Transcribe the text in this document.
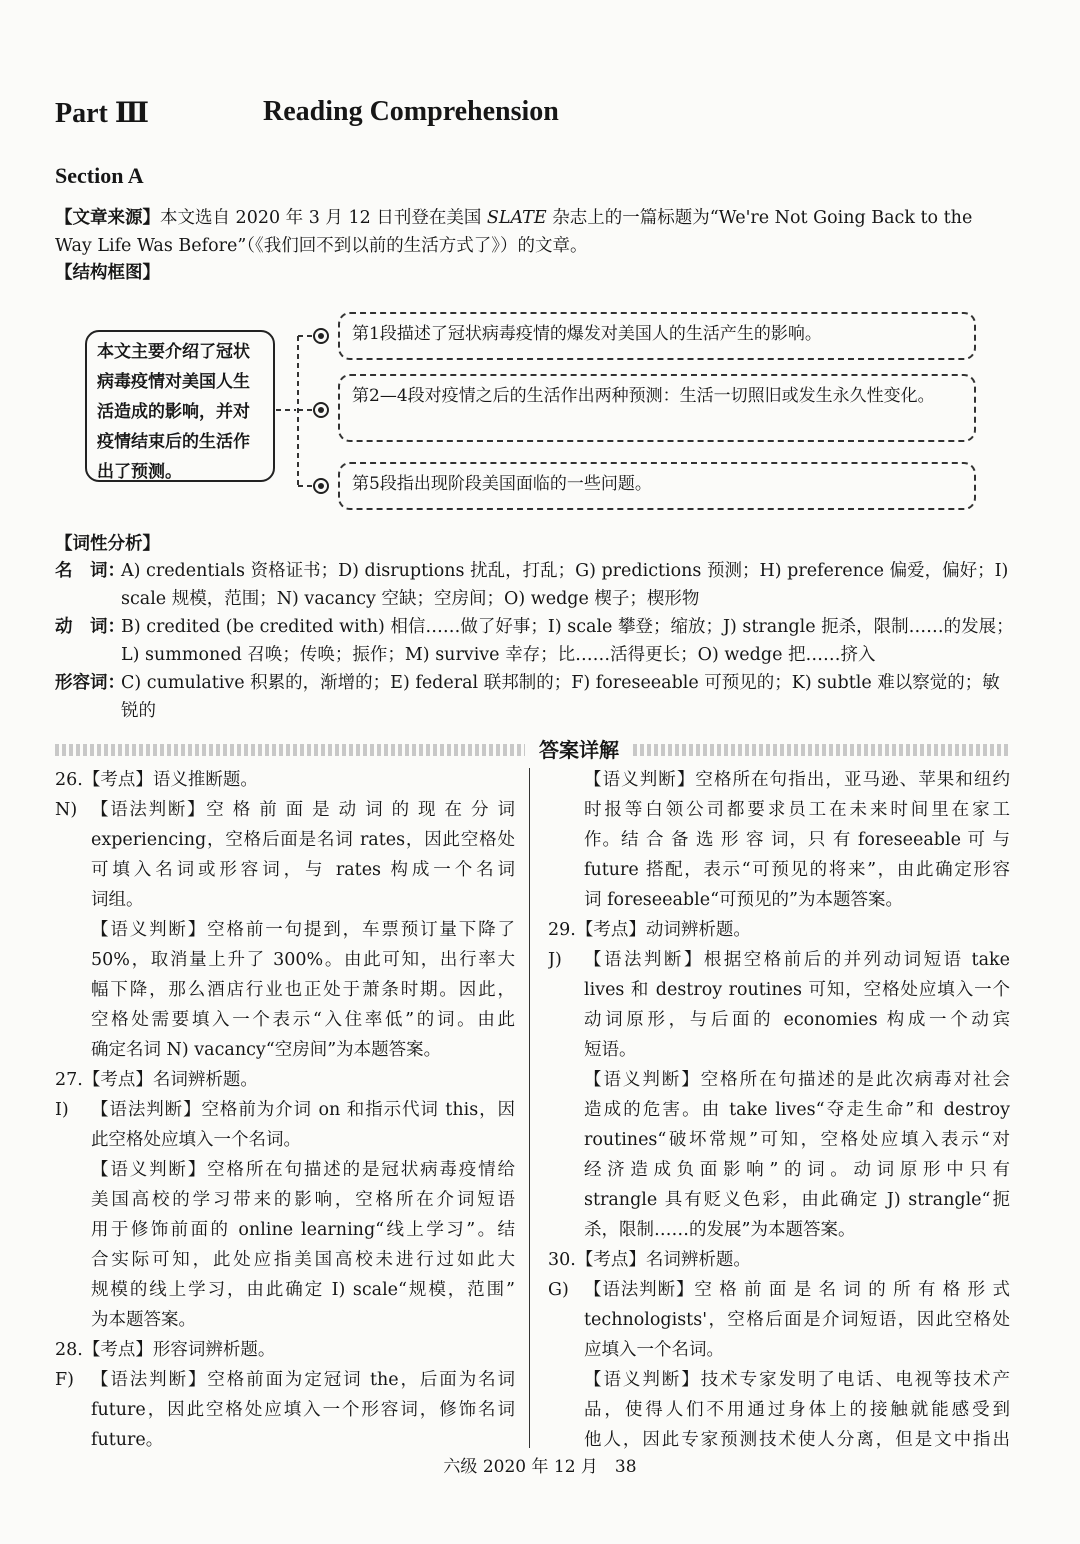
Part Ⅲ	Reading Comprehension
Section A
【文章来源】本文选自 2020 年 3 月 12 日刊登在美国 SLATE 杂志上的一篇标题为“We're Not Going Back to the Way Life Was Before”（《我们回不到以前的生活方式了》）的文章。
【结构框图】
本文主要介绍了冠状病毒疫情对美国人生活造成的影响，并对疫情结束后的生活作出了预测。
第1段描述了冠状病毒疫情的爆发对美国人的生活产生的影响。
第2—4段对疫情之后的生活作出两种预测：生活一切照旧或发生永久性变化。
第5段指出现阶段美国面临的一些问题。
【词性分析】
名　词：
A) credentials 资格证书；D) disruptions 扰乱，打乱；G) predictions 预测；H) preference 偏爱，偏好；I) scale 规模，范围；N) vacancy 空缺；空房间；O) wedge 楔子；楔形物
动　词：
B) credited (be credited with) 相信……做了好事；I) scale 攀登；缩放；J) strangle 扼杀，限制……的发展；L) summoned 召唤；传唤；振作；M) survive 幸存；比……活得更长；O) wedge 把……挤入
形容词：
C) cumulative 积累的，渐增的；E) federal 联邦制的；F) foreseeable 可预见的；K) subtle 难以察觉的；敏锐的
答案详解
26.【考点】语义推断题。
N) 【语法判断】空 格 前 面 是 动 词 的 现 在 分 词
experiencing，空格后面是名词 rates，因此空格处
可填入名词或形容词，与 rates 构成一个名词
词组。
【语义判断】空格前一句提到，车票预订量下降了
50%，取消量上升了 300%。由此可知，出行率大
幅下降，那么酒店行业也正处于萧条时期。因此，
空格处需要填入一个表示“入住率低”的词。由此
确定名词 N) vacancy“空房间”为本题答案。
27.【考点】名词辨析题。
I)	【语法判断】空格前为介词 on 和指示代词 this，因
此空格处应填入一个名词。
【语义判断】空格所在句描述的是冠状病毒疫情给
美国高校的学习带来的影响，空格所在介词短语
用于修饰前面的 online learning“线上学习”。结
合实际可知，此处应指美国高校未进行过如此大
规模的线上学习，由此确定 I) scale“规模，范围”
为本题答案。
28.【考点】形容词辨析题。
F) 【语法判断】空格前面为定冠词 the，后面为名词
future，因此空格处应填入一个形容词，修饰名词
future。
【语义判断】空格所在句指出，亚马逊、苹果和纽约
时报等白领公司都要求员工在未来时间里在家工
作。结 合 备 选 形 容 词，只 有 foreseeable 可 与
future 搭配，表示“可预见的将来”，由此确定形容
词 foreseeable“可预见的”为本题答案。
29.【考点】动词辨析题。
J)	【语法判断】根据空格前后的并列动词短语 take
lives 和 destroy routines 可知，空格处应填入一个
动词原形，与后面的 economies 构成一个动宾
短语。
【语义判断】空格所在句描述的是此次病毒对社会
造成的危害。由 take lives“夺走生命”和 destroy
routines“破坏常规”可知，空格处应填入表示“对
经济造成负面影响”的词。动词原形中只有
strangle 具有贬义色彩，由此确定 J) strangle“扼
杀，限制……的发展”为本题答案。
30.【考点】名词辨析题。
G) 【语法判断】空 格 前 面 是 名 词 的 所 有 格 形 式
technologists'，空格后面是介词短语，因此空格处
应填入一个名词。
【语义判断】技术专家发明了电话、电视等技术产
品，使得人们不用通过身体上的接触就能感受到
他人，因此专家预测技术使人分离，但是文中指出
六级 2020 年 12 月　38
